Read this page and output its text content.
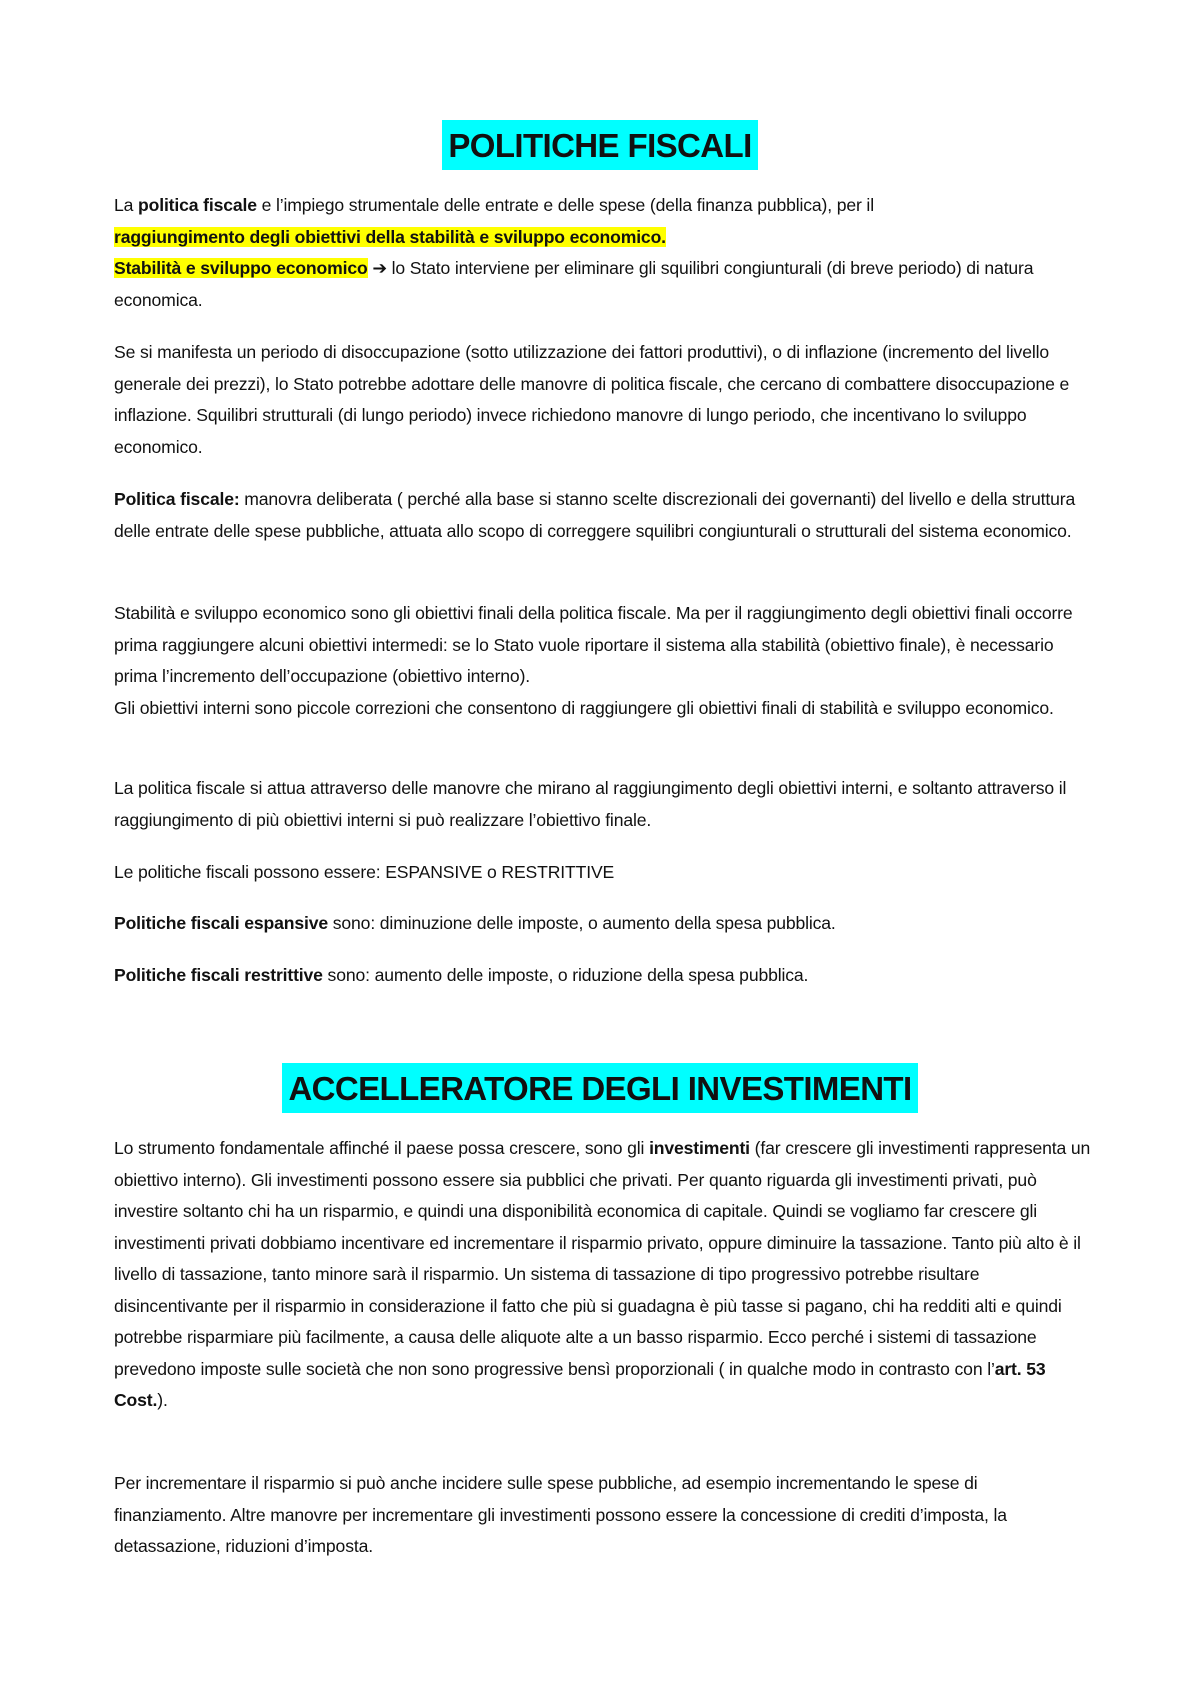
POLITICHE FISCALI
La politica fiscale e l’impiego strumentale delle entrate e delle spese (della finanza pubblica), per il
raggiungimento degli obiettivi della stabilità e sviluppo economico.
Stabilità e sviluppo economico ➔ lo Stato interviene per eliminare gli squilibri congiunturali (di breve periodo) di natura economica.
Se si manifesta un periodo di disoccupazione (sotto utilizzazione dei fattori produttivi), o di inflazione (incremento del livello generale dei prezzi), lo Stato potrebbe adottare delle manovre di politica fiscale, che cercano di combattere disoccupazione e inflazione. Squilibri strutturali (di lungo periodo) invece richiedono manovre di lungo periodo, che incentivano lo sviluppo economico.
Politica fiscale: manovra deliberata ( perché alla base si stanno scelte discrezionali dei governanti) del livello e della struttura delle entrate delle spese pubbliche, attuata allo scopo di correggere squilibri congiunturali o strutturali del sistema economico.
Stabilità e sviluppo economico sono gli obiettivi finali della politica fiscale. Ma per il raggiungimento degli obiettivi finali occorre prima raggiungere alcuni obiettivi intermedi: se lo Stato vuole riportare il sistema alla stabilità (obiettivo finale), è necessario prima l’incremento dell’occupazione (obiettivo interno).
Gli obiettivi interni sono piccole correzioni che consentono di raggiungere gli obiettivi finali di stabilità e sviluppo economico.
La politica fiscale si attua attraverso delle manovre che mirano al raggiungimento degli obiettivi interni, e soltanto attraverso il raggiungimento di più obiettivi interni si può realizzare l’obiettivo finale.
Le politiche fiscali possono essere: ESPANSIVE o RESTRITTIVE
Politiche fiscali espansive sono: diminuzione delle imposte, o aumento della spesa pubblica.
Politiche fiscali restrittive sono: aumento delle imposte, o riduzione della spesa pubblica.
ACCELLERATORE DEGLI INVESTIMENTI
Lo strumento fondamentale affinché il paese possa crescere, sono gli investimenti (far crescere gli investimenti rappresenta un obiettivo interno). Gli investimenti possono essere sia pubblici che privati. Per quanto riguarda gli investimenti privati, può investire soltanto chi ha un risparmio, e quindi una disponibilità economica di capitale. Quindi se vogliamo far crescere gli investimenti privati dobbiamo incentivare ed incrementare il risparmio privato, oppure diminuire la tassazione. Tanto più alto è il livello di tassazione, tanto minore sarà il risparmio. Un sistema di tassazione di tipo progressivo potrebbe risultare disincentivante per il risparmio in considerazione il fatto che più si guadagna è più tasse si pagano, chi ha redditi alti e quindi potrebbe risparmiare più facilmente, a causa delle aliquote alte a un basso risparmio. Ecco perché i sistemi di tassazione prevedono imposte sulle società che non sono progressive bensì proporzionali ( in qualche modo in contrasto con l’art. 53 Cost.).
Per incrementare il risparmio si può anche incidere sulle spese pubbliche, ad esempio incrementando le spese di finanziamento. Altre manovre per incrementare gli investimenti possono essere la concessione di crediti d’imposta, la detassazione, riduzioni d’imposta.
